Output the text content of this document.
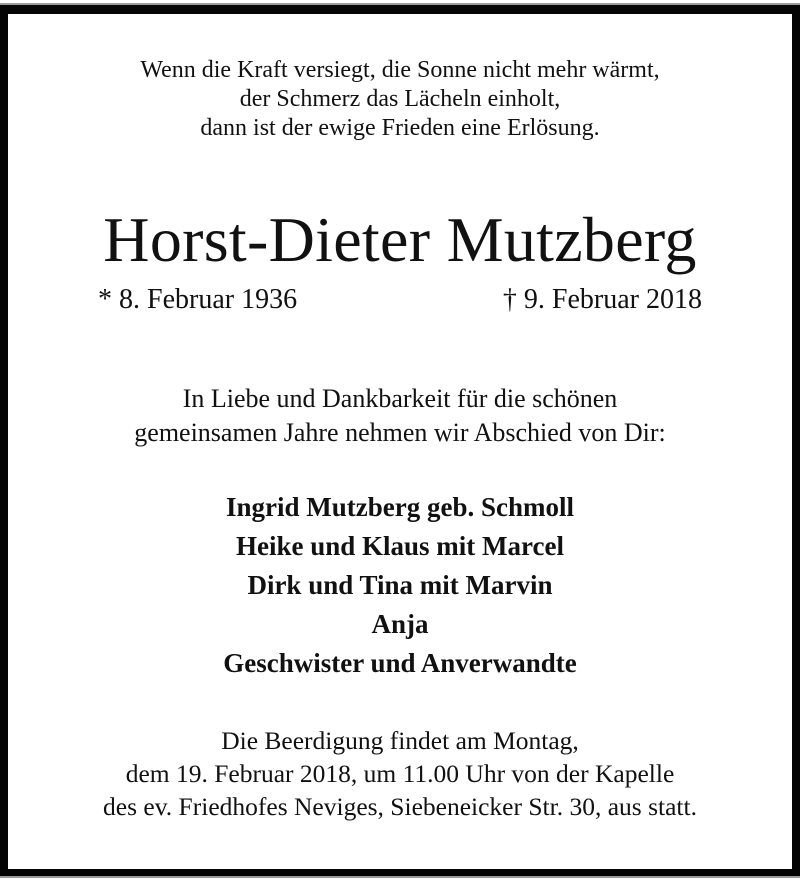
Wenn die Kraft versiegt, die Sonne nicht mehr wärmt,
der Schmerz das Lächeln einholt,
dann ist der ewige Frieden eine Erlösung.
Horst-Dieter Mutzberg
* 8. Februar 1936	† 9. Februar 2018
In Liebe und Dankbarkeit für die schönen
gemeinsamen Jahre nehmen wir Abschied von Dir:
Ingrid Mutzberg geb. Schmoll
Heike und Klaus mit Marcel
Dirk und Tina mit Marvin
Anja
Geschwister und Anverwandte
Die Beerdigung findet am Montag,
dem 19. Februar 2018, um 11.00 Uhr von der Kapelle
des ev. Friedhofes Neviges, Siebeneicker Str. 30, aus statt.
